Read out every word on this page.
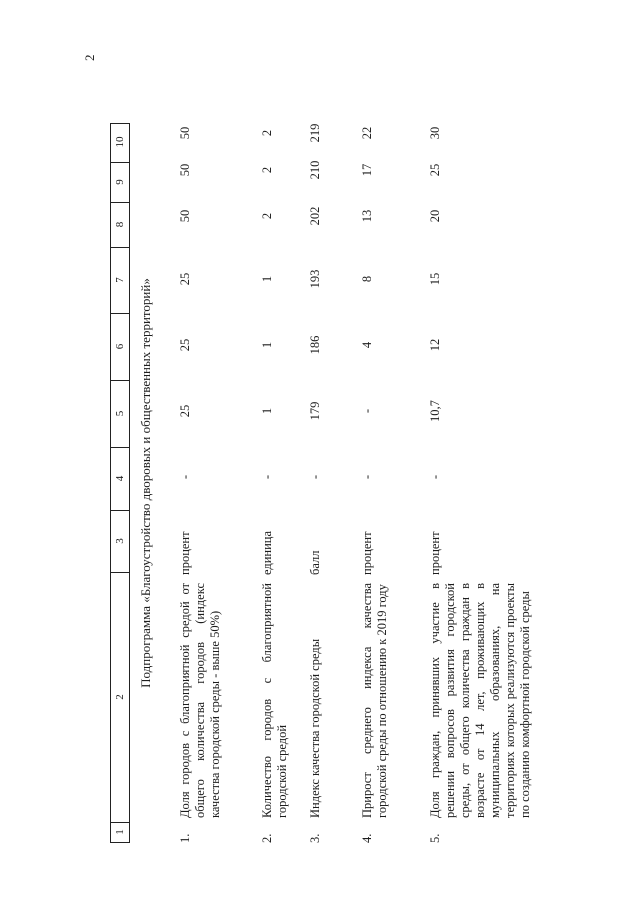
2
1
2
3
4
5
6
7
8
9
10
Подпрограмма «Благоустройство дворовых и общественных территорий»
1.
Доля городов с благоприятной средой от общего количества городов (индекс качества городской среды - выше 50%)
процент
-
25
25
25
50
50
50
2.
Количество городов с благоприятной городской средой
единица
-
1
1
1
2
2
2
3.
Индекс качества городской среды
балл
-
179
186
193
202
210
219
4.
Прирост среднего индекса качества городской среды по отношению к 2019 году
процент
-
-
4
8
13
17
22
5.
Доля граждан, принявших участие в решении вопросов развития городской среды, от общего количества граждан в возрасте от 14 лет, проживающих в муниципальных образованиях, на территориях которых реализуются проекты по созданию комфортной городской среды
процент
-
10,7
12
15
20
25
30
